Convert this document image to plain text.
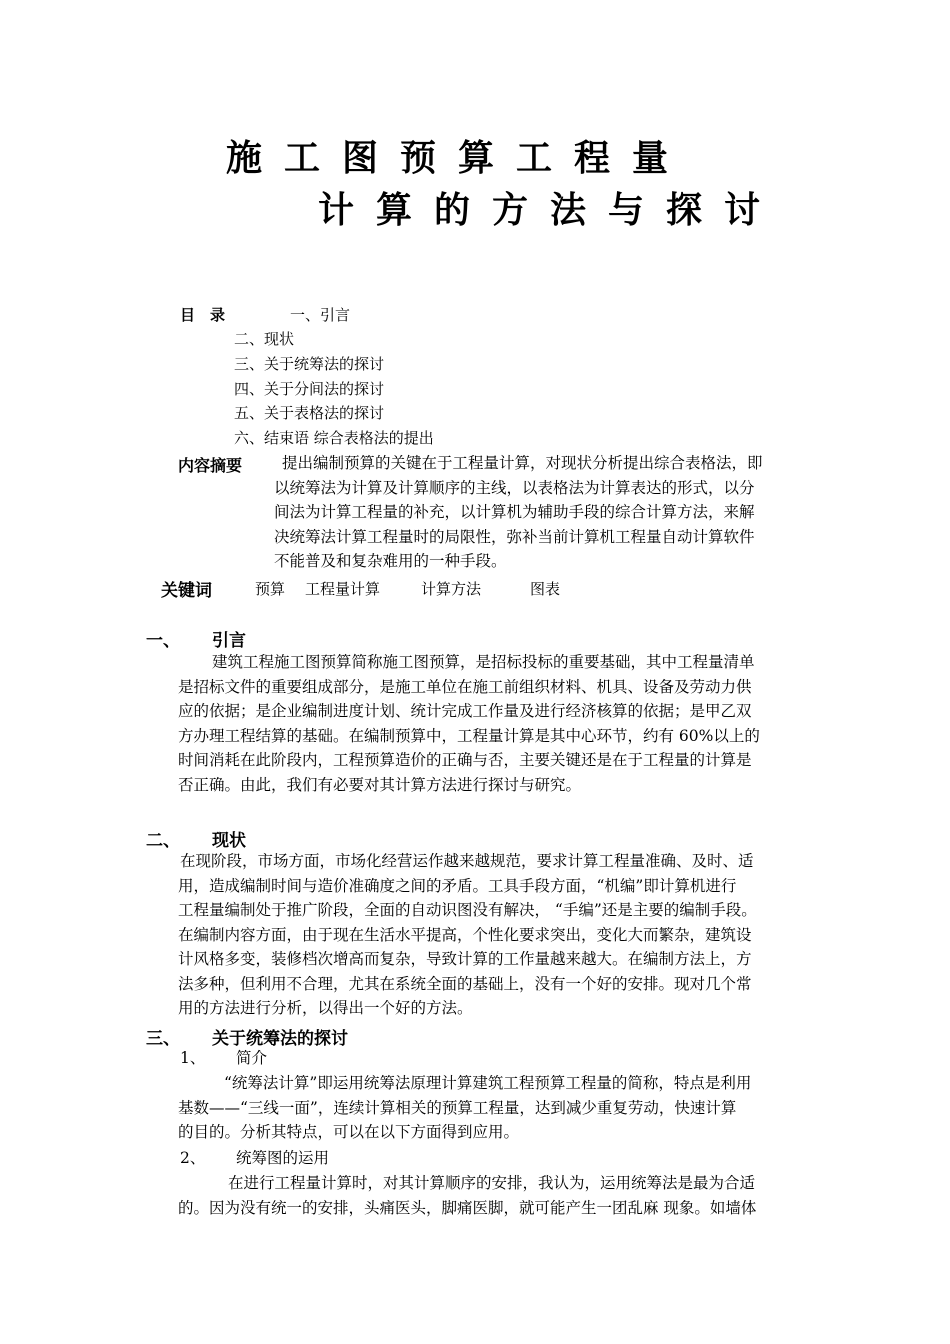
施工图预算工程量
计算的方法与探讨
目　录	一、引言
二、现状
三、关于统筹法的探讨
四、关于分间法的探讨
五、关于表格法的探讨
六、结束语 综合表格法的提出
内容摘要	提出编制预算的关键在于工程量计算，对现状分析提出综合表格法，即
以统筹法为计算及计算顺序的主线，以表格法为计算表达的形式，以分
间法为计算工程量的补充，以计算机为辅助手段的综合计算方法，来解
决统筹法计算工程量时的局限性，弥补当前计算机工程量自动计算软件
不能普及和复杂难用的一种手段。
关键词	预算 工程量计算	计算方法	图表
一、 引言
建筑工程施工图预算简称施工图预算，是招标投标的重要基础，其中工程量清单
是招标文件的重要组成部分，是施工单位在施工前组织材料、机具、设备及劳动力供
应的依据；是企业编制进度计划、统计完成工作量及进行经济核算的依据；是甲乙双
方办理工程结算的基础。在编制预算中，工程量计算是其中心环节，约有 60%以上的
时间消耗在此阶段内，工程预算造价的正确与否，主要关键还是在于工程量的计算是
否正确。由此，我们有必要对其计算方法进行探讨与研究。
二、 现状
在现阶段，市场方面，市场化经营运作越来越规范，要求计算工程量准确、及时、适
用，造成编制时间与造价准确度之间的矛盾。工具手段方面，“机编”即计算机进行
工程量编制处于推广阶段，全面的自动识图没有解决， “手编”还是主要的编制手段。
在编制内容方面，由于现在生活水平提高，个性化要求突出，变化大而繁杂，建筑设
计风格多变，装修档次增高而复杂，导致计算的工作量越来越大。在编制方法上，方
法多种，但利用不合理，尤其在系统全面的基础上，没有一个好的安排。现对几个常
用的方法进行分析，以得出一个好的方法。
三、 关于统筹法的探讨
1、 简介
“统筹法计算”即运用统筹法原理计算建筑工程预算工程量的简称，特点是利用
基数——“三线一面”，连续计算相关的预算工程量，达到减少重复劳动，快速计算
的目的。分析其特点，可以在以下方面得到应用。
2、 统筹图的运用
在进行工程量计算时，对其计算顺序的安排，我认为，运用统筹法是最为合适
的。因为没有统一的安排，头痛医头，脚痛医脚，就可能产生一团乱麻 现象。如墙体
